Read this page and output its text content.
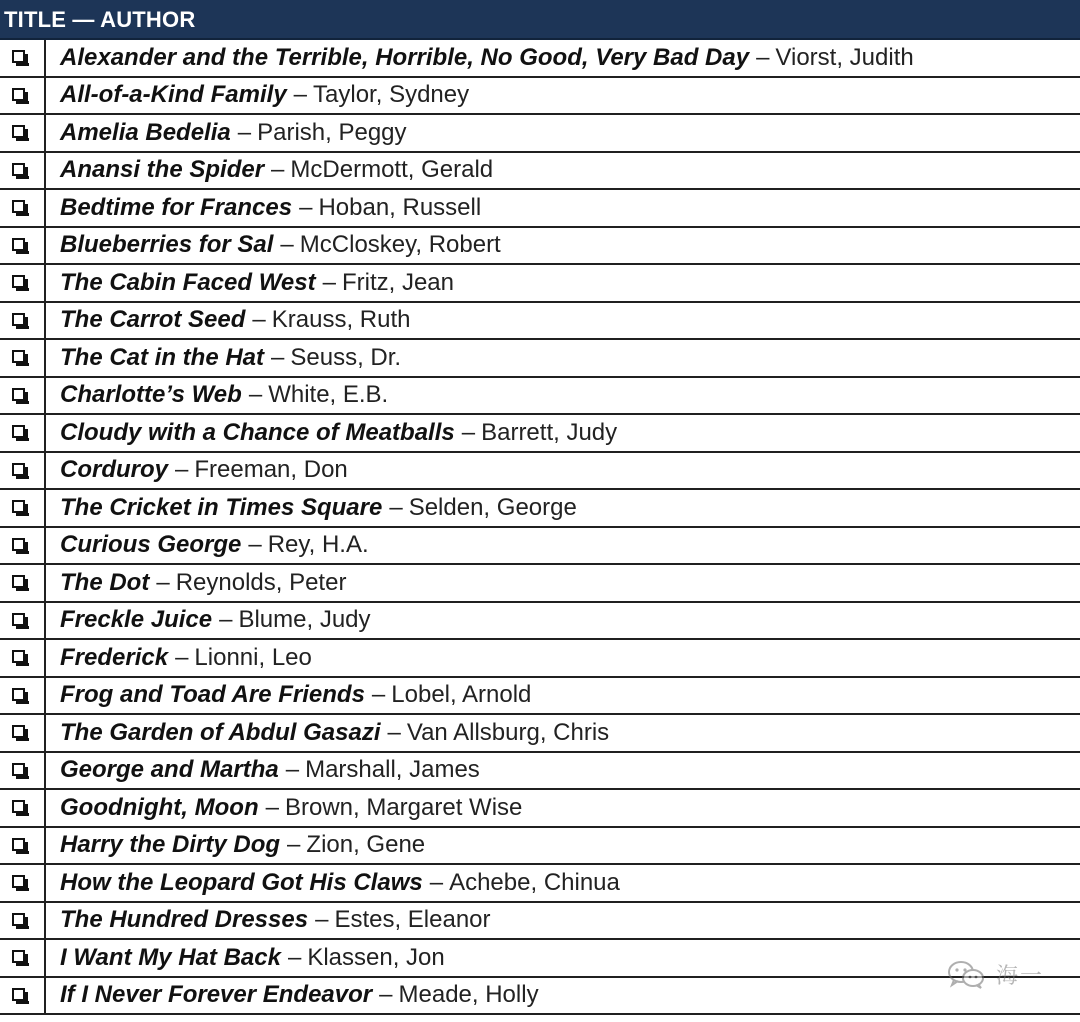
TITLE — AUTHOR
Alexander and the Terrible, Horrible, No Good, Very Bad Day – Viorst, Judith
All-of-a-Kind Family – Taylor, Sydney
Amelia Bedelia – Parish, Peggy
Anansi the Spider – McDermott, Gerald
Bedtime for Frances – Hoban, Russell
Blueberries for Sal – McCloskey, Robert
The Cabin Faced West – Fritz, Jean
The Carrot Seed – Krauss, Ruth
The Cat in the Hat – Seuss, Dr.
Charlotte’s Web – White, E.B.
Cloudy with a Chance of Meatballs – Barrett, Judy
Corduroy – Freeman, Don
The Cricket in Times Square – Selden, George
Curious George – Rey, H.A.
The Dot – Reynolds, Peter
Freckle Juice – Blume, Judy
Frederick – Lionni, Leo
Frog and Toad Are Friends – Lobel, Arnold
The Garden of Abdul Gasazi – Van Allsburg, Chris
George and Martha – Marshall, James
Goodnight, Moon – Brown, Margaret Wise
Harry the Dirty Dog – Zion, Gene
How the Leopard Got His Claws – Achebe, Chinua
The Hundred Dresses – Estes, Eleanor
I Want My Hat Back – Klassen, Jon
If I Never Forever Endeavor – Meade, Holly
海一
